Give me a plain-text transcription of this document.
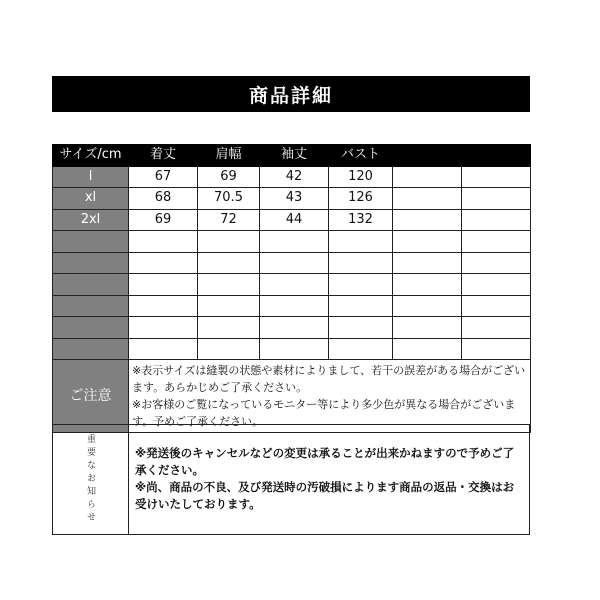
商品詳細
サイズ/cm	着丈	肩幅	袖丈	バスト		
l	67	69	42	120		
xl	68	70.5	43	126		
2xl	69	72	44	132		

ご注意	※表示サイズは縫製の状態や素材によりまして、若干の誤差がある場合がございます。あらかじめご了承ください。

※お客様のご覧になっているモニター等により多少色が異なる場合がございます。予めご了承ください。					

重要なお知らせ	※発送後のキャンセルなどの変更は承ることが出来かねますので予めご了承ください。

※尚、商品の不良、及び発送時の汚破損によります商品の返品・交換はお受けいたしております。
